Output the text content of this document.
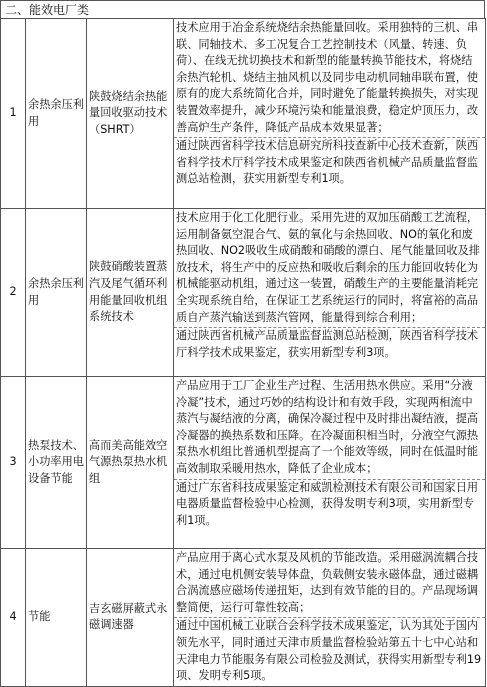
二、能效电厂类
1	余热余压利用	陕鼓烧结余热能量回收驱动技术（SHRT）	技术应用于冶金系统烧结余热能量回收。采用独特的三机、串联、同轴技术、多工况复合工艺控制技术（风量、转速、负荷）、在线无扰切换技术和新型的能量转换节能技术，将烧结余热汽轮机、烧结主抽风机以及同步电动机同轴串联布置，使原有的庞大系统简化合并，同时避免了能量转换损失，对实现装置效率提升，减少环境污染和能量浪费，稳定炉顶压力，改善高炉生产条件，降低产品成本效果显著；
通过陕西省科学技术信息研究所科技查新中心技术查新，陕西省科学技术厅科学技术成果鉴定和陕西省机械产品质量监督监测总站检测，获实用新型专利1项。

2	余热余压利用	陕鼓硝酸装置蒸汽及尾气循环利用能量回收机组系统技术	技术应用于化工化肥行业。采用先进的双加压硝酸工艺流程，运用制备氨空混合气、氨的氧化与余热回收、NO的氧化和废热回收、NO2吸收生成硝酸和硝酸的漂白、尾气能量回收及排放技术，将生产中的反应热和吸收后剩余的压力能回收转化为机械能驱动机组，通过这一装置，硝酸生产的主要能量消耗完全实现系统自给，在保证工艺系统运行的同时，将富裕的高品质自产蒸汽输送到蒸汽管网，能量得到综合利用；
通过陕西省机械产品质量监督监测总站检测，陕西省科学技术厅科学技术成果鉴定，获实用新型专利3项。

3	热泵技术、小功率用电设备节能	高而美高能效空气源热泵热水机组	产品应用于工厂企业生产过程、生活用热水供应。采用“分液冷凝”技术，通过巧妙的结构设计和有效手段，实现两相流中蒸汽与凝结液的分离，确保冷凝过程中及时排出凝结液，提高冷凝器的换热系数和压降。在冷凝面积相当时，分液空气源热泵热水机组比普通机型提高了一个能效等级，同时在低温时能高效制取采暖用热水，降低了企业成本；
通过广东省科技成果鉴定和威凯检测技术有限公司和国家日用电器质量监督检验中心检测，获得发明专利3项，实用新型专利1项。

4	节能	吉玄磁屏蔽式永磁调速器	产品应用于离心式水泵及风机的节能改造。采用磁涡流耦合技术，通过电机侧安装导体盘，负载侧安装永磁体盘，通过磁耦合涡流感应磁场传递扭矩，达到有效节能的目的。产品现场调整简便，运行可靠性较高；
通过中国机械工业联合会科学技术成果鉴定，认为其处于国内领先水平，同时通过天津市质量监督检验站第五十七中心站和天津电力节能服务有限公司检验及测试，获得实用新型专利19项、发明专利5项。
